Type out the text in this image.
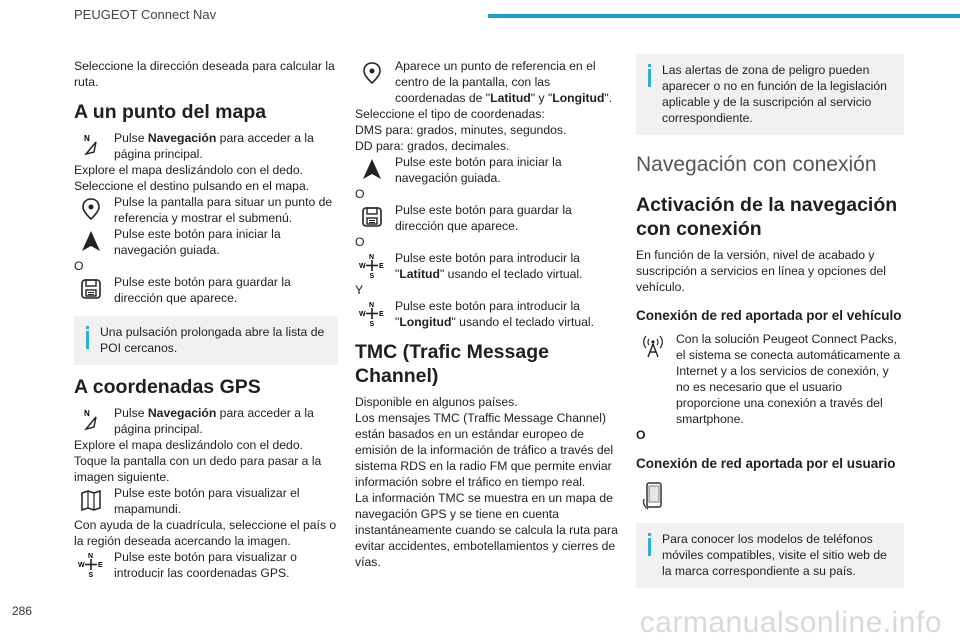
PEUGEOT Connect Nav

Seleccione la dirección deseada para calcular la ruta.

A un punto del mapa
N Pulse Navegación para acceder a la página principal.

Explore el mapa deslizándolo con el dedo.

Seleccione el destino pulsando en el mapa.

Pulse la pantalla para situar un punto de referencia y mostrar el submenú.
Pulse este botón para iniciar la navegación guiada.

O

Pulse este botón para guardar la dirección que aparece.
Una pulsación prolongada abre la lista de POI cercanos.
A coordenadas GPS
N Pulse Navegación para acceder a la página principal.

Explore el mapa deslizándolo con el dedo.

Toque la pantalla con un dedo para pasar a la imagen siguiente.

Pulse este botón para visualizar el mapamundi.

Con ayuda de la cuadrícula, seleccione el país o la región deseada acercando la imagen.

N
S
W E
Pulse este botón para visualizar o introducir las coordenadas GPS.
Aparece un punto de referencia en el centro de la pantalla, con las coordenadas de "Latitud" y "Longitud".

Seleccione el tipo de coordenadas:

DMS para: grados, minutes, segundos.

DD para: grados, decimales.

Pulse este botón para iniciar la navegación guiada.

O

Pulse este botón para guardar la dirección que aparece.

O

N
S
W E
Pulse este botón para introducir la "Latitud" usando el teclado virtual.

Y

N
S
W E
Pulse este botón para introducir la "Longitud" usando el teclado virtual.
TMC (Trafic Message Channel)

Disponible en algunos países.

Los mensajes TMC (Traffic Message Channel) están basados en un estándar europeo de emisión de la información de tráfico a través del sistema RDS en la radio FM que permite enviar información sobre el tráfico en tiempo real.

La información TMC se muestra en un mapa de navegación GPS y se tiene en cuenta instantáneamente cuando se calcula la ruta para evitar accidentes, embotellamientos y cierres de vías.

Las alertas de zona de peligro pueden aparecer o no en función de la legislación aplicable y de la suscripción al servicio correspondiente.
Navegación con conexión
Activación de la navegación con conexión

En función de la versión, nivel de acabado y suscripción a servicios en línea y opciones del vehículo.

Conexión de red aportada por el vehículo
Con la solución Peugeot Connect Packs, el sistema se conecta automáticamente a Internet y a los servicios de conexión, y no es necesario que el usuario proporcione una conexión a través del smartphone.

O

Conexión de red aportada por el usuario
Para conocer los modelos de teléfonos móviles compatibles, visite el sitio web de la marca correspondiente a su país.
286	carmanualsonline.info
